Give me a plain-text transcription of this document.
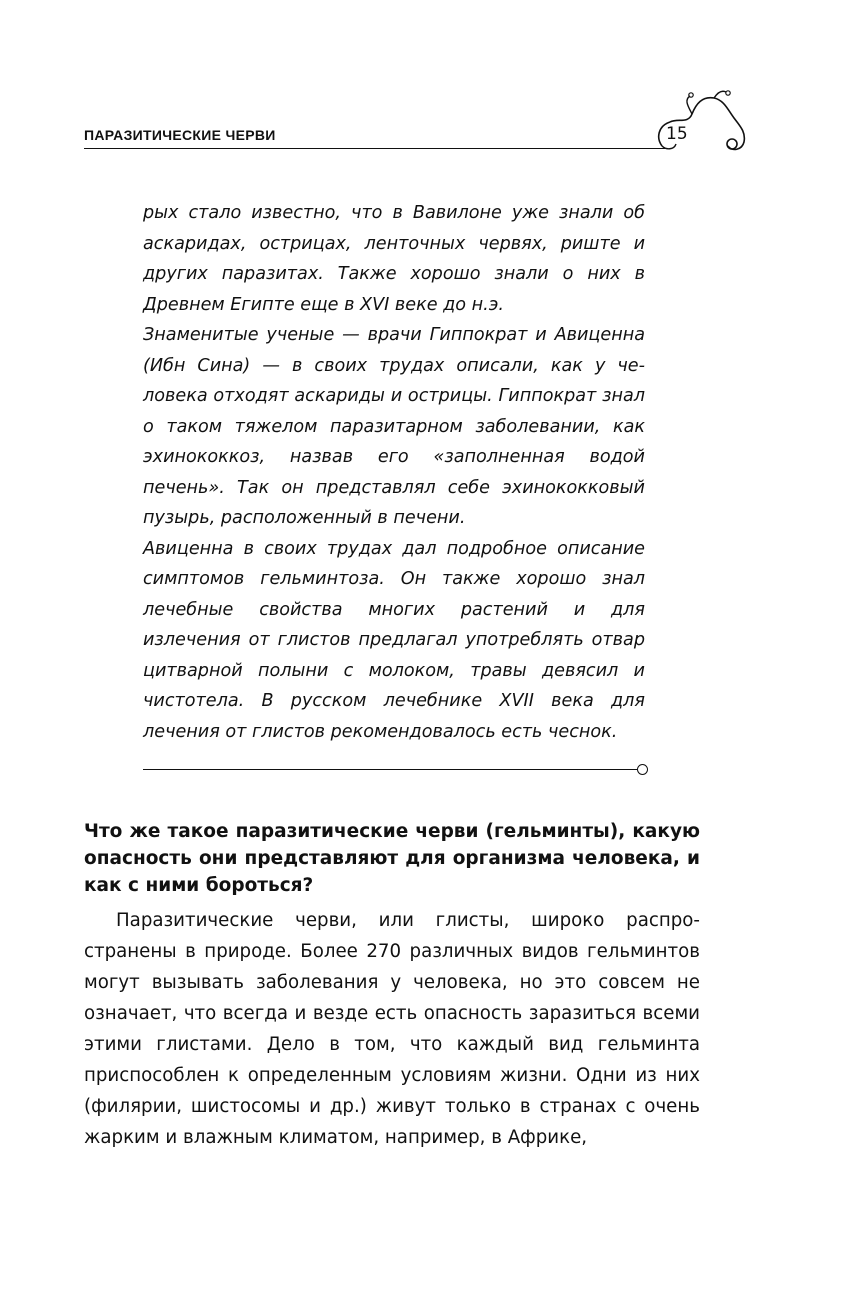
ПАРАЗИТИЧЕСКИЕ ЧЕРВИ	15

рых стало известно, что в Вавилоне уже знали об аскаридах, острицах, ленточных червях, риште и других паразитах. Также хорошо знали о них в Древнем Египте еще в XVI веке до н.э.

Знаменитые ученые — врачи Гиппократ и Авиценна (Ибн Сина) — в своих трудах описали, как у человека отходят аскариды и острицы. Гиппократ знал о таком тяжелом паразитарном заболевании, как эхинококкоз, назвав его «заполненная водой печень». Так он представлял себе эхинококковый пузырь, расположенный в печени.

Авиценна в своих трудах дал подробное описание симптомов гельминтоза. Он также хорошо знал лечебные свойства многих растений и для излечения от глистов предлагал употреблять отвар цитварной полыни с молоком, травы девясил и чистотела. В русском лечебнике XVII века для лечения от глистов рекомендовалось есть чеснок.

Что же такое паразитические черви (гельминты), какую опасность они представляют для организма человека, и как с ними бороться?

Паразитические черви, или глисты, широко распространены в природе. Более 270 различных видов гельминтов могут вызывать заболевания у человека, но это совсем не означает, что всегда и везде есть опасность заразиться всеми этими глистами. Дело в том, что каждый вид гельминта приспособлен к определенным условиям жизни. Одни из них (филярии, шистосомы и др.) живут только в странах с очень жарким и влажным климатом, например, в Африке,
